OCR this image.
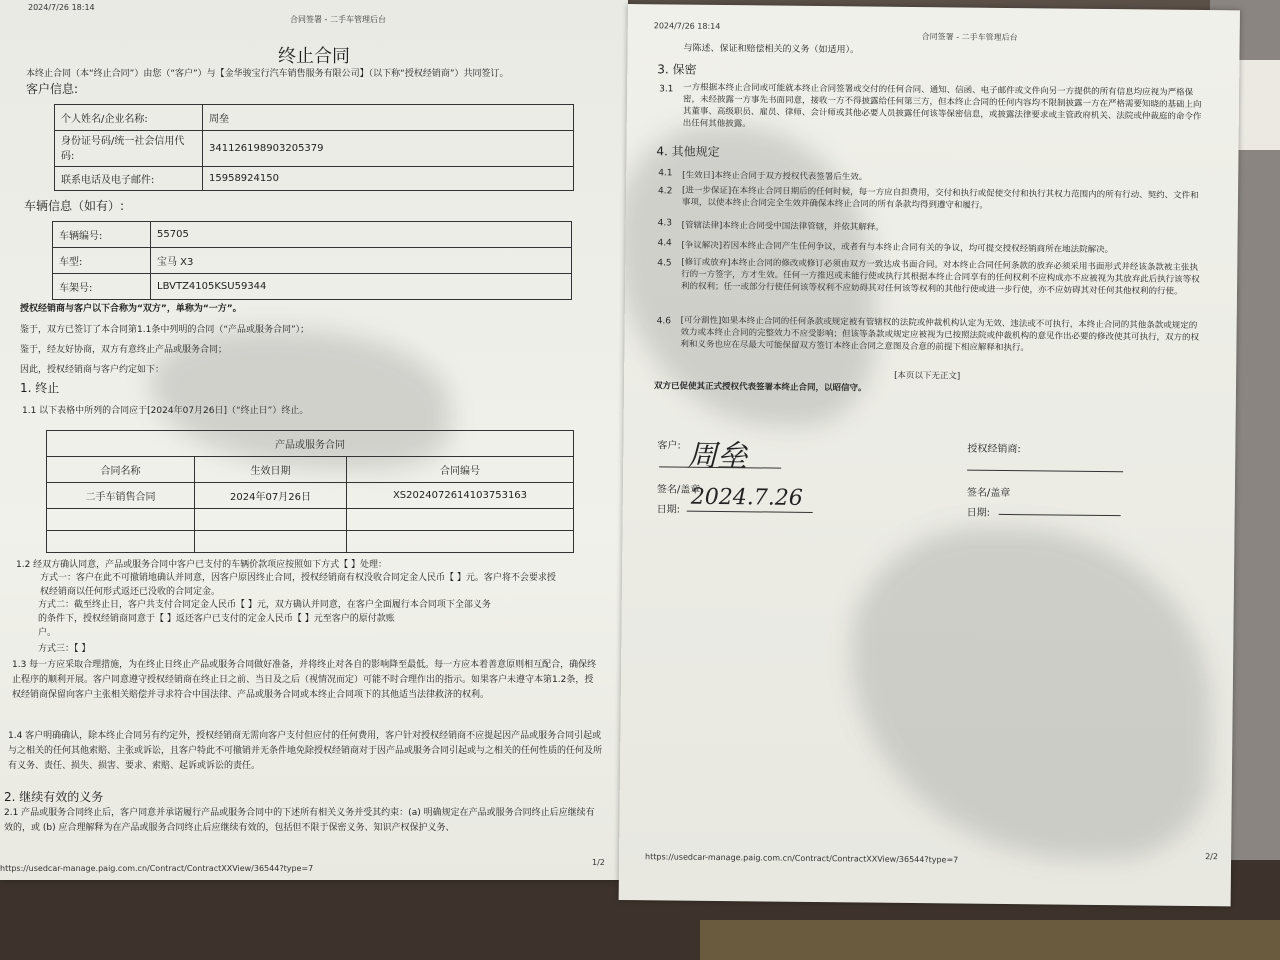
2024/7/26 18:14
合同签署 - 二手车管理后台
终止合同
本终止合同（本“终止合同”）由您（“客户”）与【金华骏宝行汽车销售服务有限公司】（以下称“授权经销商”）共同签订。
客户信息:
个人姓名/企业名称:	周垒
身份证号码/统一社会信用代码:	341126198903205379
联系电话及电子邮件:	15958924150
车辆信息（如有）:
车辆编号:	55705
车型:	宝马 X3
车架号:	LBVTZ4105KSU59344
授权经销商与客户以下合称为“双方”，单称为“一方”。
鉴于，双方已签订了本合同第1.1条中列明的合同（“产品或服务合同”）；
鉴于，经友好协商，双方有意终止产品或服务合同；
因此，授权经销商与客户约定如下：
1. 终止
1.1 以下表格中所列的合同应于[2024年07月26日]（“终止日”）终止。
产品或服务合同		
合同名称	生效日期	合同编号
二手车销售合同	2024年07月26日	XS2024072614103753163

1.2 经双方确认同意，产品或服务合同中客户已支付的车辆价款项应按照如下方式【 】处理：
方式一：客户在此不可撤销地确认并同意，因客户原因终止合同，授权经销商有权没收合同定金人民币【 】元。客户将不会要求授
权经销商以任何形式返还已没收的合同定金。
方式二：截至终止日，客户共支付合同定金人民币【 】元，双方确认并同意，在客户全面履行本合同项下全部义务
的条件下，授权经销商同意于【 】返还客户已支付的定金人民币【 】元至客户的原付款账
户。
方式三：【 】
1.3 每一方应采取合理措施，为在终止日终止产品或服务合同做好准备，并将终止对各自的影响降至最低。每一方应本着善意原则相互配合，确保终止程序的顺利开展。客户同意遵守授权经销商在终止日之前、当日及之后（视情况而定）可能不时合理作出的指示。如果客户未遵守本第1.2条，授权经销商保留向客户主张相关赔偿并寻求符合中国法律、产品或服务合同或本终止合同项下的其他适当法律救济的权利。
1.4 客户明确确认，除本终止合同另有约定外，授权经销商无需向客户支付但应付的任何费用，客户针对授权经销商不应提起因产品或服务合同引起或与之相关的任何其他索赔、主张或诉讼，且客户特此不可撤销并无条件地免除授权经销商对于因产品或服务合同引起或与之相关的任何性质的任何及所有义务、责任、损失、损害、要求、索赔、起诉或诉讼的责任。
2. 继续有效的义务
2.1 产品或服务合同终止后，客户同意并承诺履行产品或服务合同中的下述所有相关义务并受其约束：(a) 明确规定在产品或服务合同终止后应继续有效的，或 (b) 应合理解释为在产品或服务合同终止后应继续有效的，包括但不限于保密义务、知识产权保护义务、
https://usedcar-manage.paig.com.cn/Contract/ContractXXView/36544?type=7
1/2
2024/7/26 18:14
合同签署 - 二手车管理后台
与陈述、保证和赔偿相关的义务（如适用）。
3. 保密
3.1 一方根据本终止合同或可能就本终止合同签署或交付的任何合同、通知、信函、电子邮件或文件向另一方提供的所有信息均应视为严格保密，未经披露一方事先书面同意，接收一方不得披露给任何第三方，但本终止合同的任何内容均不限制披露一方在严格需要知晓的基础上向其董事、高级职员、雇员、律师、会计师或其他必要人员披露任何该等保密信息，或披露法律要求或主管政府机关、法院或仲裁庭的命令作出任何其他披露。
4. 其他规定
4.1 [生效日]本终止合同于双方授权代表签署后生效。
4.2 [进一步保证]在本终止合同日期后的任何时候，每一方应自担费用，交付和执行或促使交付和执行其权力范围内的所有行动、契约、文件和事项，以使本终止合同完全生效并确保本终止合同的所有条款均得到遵守和履行。
4.3 [管辖法律]本终止合同受中国法律管辖，并依其解释。
4.4 [争议解决]若因本终止合同产生任何争议，或者有与本终止合同有关的争议，均可提交授权经销商所在地法院解决。
4.5 [修订或放弃]本终止合同的修改或修订必须由双方一致达成书面合同。对本终止合同任何条款的放弃必须采用书面形式并经该条款被主张执行的一方签字，方才生效。任何一方推迟或未能行使或执行其根据本终止合同享有的任何权利不应构成亦不应被视为其放弃此后执行该等权利的权利；任一或部分行使任何该等权利不应妨碍其对任何该等权利的其他行使或进一步行使，亦不应妨碍其对任何其他权利的行使。
4.6 [可分割性]如果本终止合同的任何条款或规定被有管辖权的法院或仲裁机构认定为无效、违法或不可执行，本终止合同的其他条款或规定的效力或本终止合同的完整效力不应受影响；但该等条款或规定应被视为已按照法院或仲裁机构的意见作出必要的修改使其可执行，双方的权利和义务也应在尽最大可能保留双方签订本终止合同之意图及合意的前提下相应解释和执行。
[本页以下无正文]
双方已促使其正式授权代表签署本终止合同，以昭信守。
客户: 周垒
签名/盖章
日期: 2024.7.26
授权经销商:
签名/盖章
日期:
https://usedcar-manage.paig.com.cn/Contract/ContractXXView/36544?type=7	2/2
